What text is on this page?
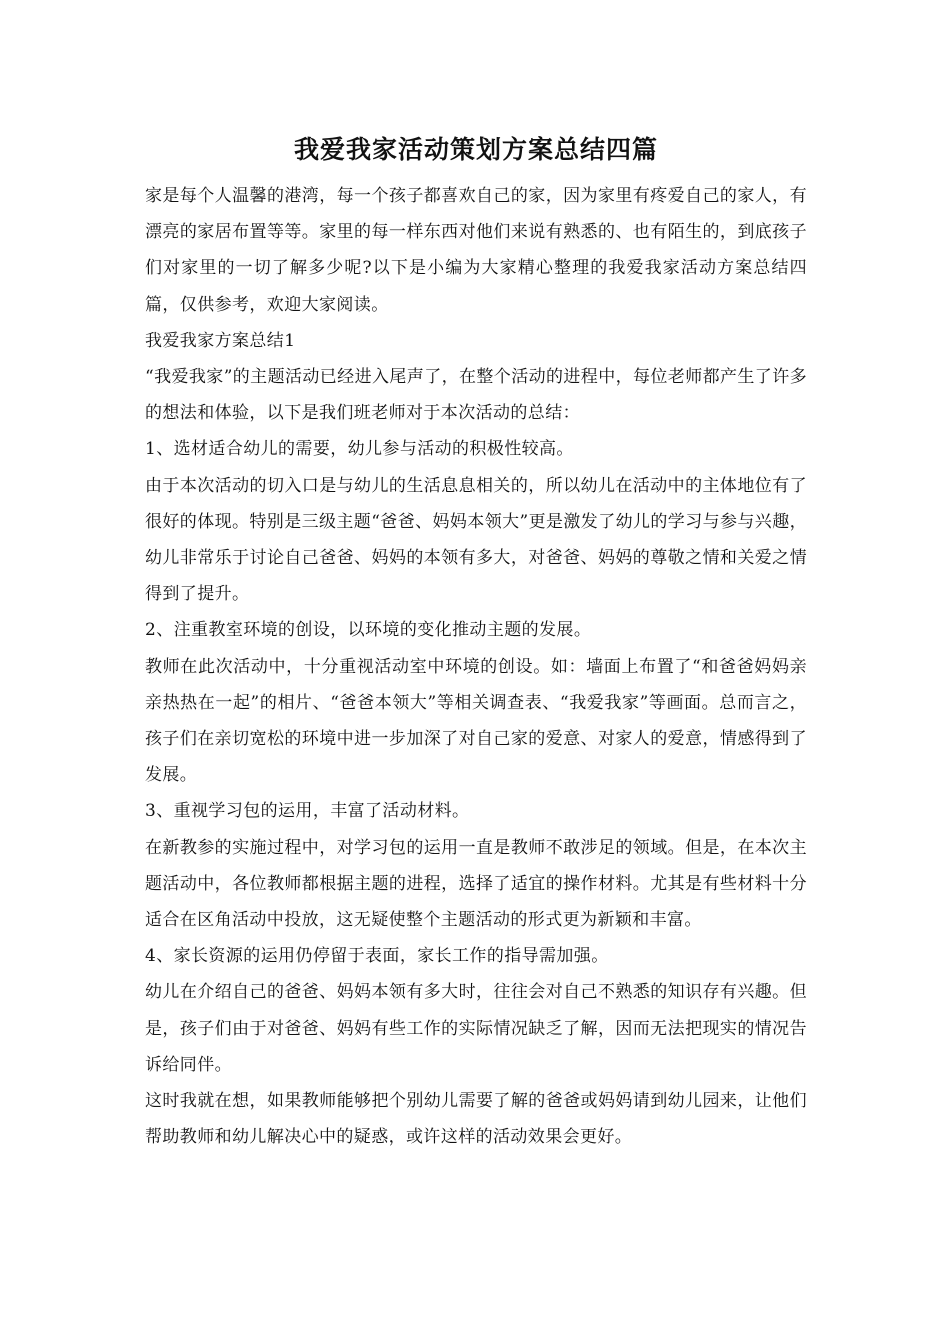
我爱我家活动策划方案总结四篇

家是每个人温馨的港湾，每一个孩子都喜欢自己的家，因为家里有疼爱自己的家人，有漂亮的家居布置等等。家里的每一样东西对他们来说有熟悉的、也有陌生的，到底孩子们对家里的一切了解多少呢?以下是小编为大家精心整理的我爱我家活动方案总结四篇，仅供参考，欢迎大家阅读。

我爱我家方案总结1

“我爱我家”的主题活动已经进入尾声了，在整个活动的进程中，每位老师都产生了许多的想法和体验，以下是我们班老师对于本次活动的总结：

1、选材适合幼儿的需要，幼儿参与活动的积极性较高。

由于本次活动的切入口是与幼儿的生活息息相关的，所以幼儿在活动中的主体地位有了很好的体现。特别是三级主题“爸爸、妈妈本领大”更是激发了幼儿的学习与参与兴趣，幼儿非常乐于讨论自己爸爸、妈妈的本领有多大，对爸爸、妈妈的尊敬之情和关爱之情得到了提升。

2、注重教室环境的创设，以环境的变化推动主题的发展。

教师在此次活动中，十分重视活动室中环境的创设。如：墙面上布置了“和爸爸妈妈亲亲热热在一起”的相片、“爸爸本领大”等相关调查表、“我爱我家”等画面。总而言之，孩子们在亲切宽松的环境中进一步加深了对自己家的爱意、对家人的爱意，情感得到了发展。

3、重视学习包的运用，丰富了活动材料。

在新教参的实施过程中，对学习包的运用一直是教师不敢涉足的领域。但是，在本次主题活动中，各位教师都根据主题的进程，选择了适宜的操作材料。尤其是有些材料十分适合在区角活动中投放，这无疑使整个主题活动的形式更为新颖和丰富。

4、家长资源的运用仍停留于表面，家长工作的指导需加强。

幼儿在介绍自己的爸爸、妈妈本领有多大时，往往会对自己不熟悉的知识存有兴趣。但是，孩子们由于对爸爸、妈妈有些工作的实际情况缺乏了解，因而无法把现实的情况告诉给同伴。

这时我就在想，如果教师能够把个别幼儿需要了解的爸爸或妈妈请到幼儿园来，让他们帮助教师和幼儿解决心中的疑惑，或许这样的活动效果会更好。
